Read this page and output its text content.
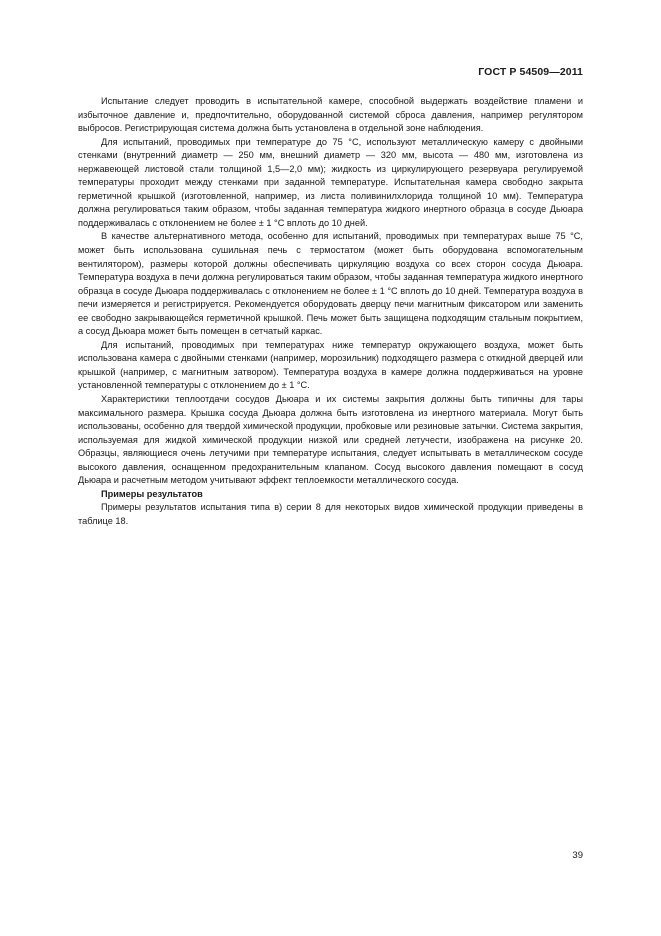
ГОСТ Р 54509—2011

Испытание следует проводить в испытательной камере, способной выдержать воздействие пламени и избыточное давление и, предпочтительно, оборудованной системой сброса давления, например регулятором выбросов. Регистрирующая система должна быть установлена в отдельной зоне наблюдения.

Для испытаний, проводимых при температуре до 75 °С, используют металлическую камеру с двойными стенками (внутренний диаметр — 250 мм, внешний диаметр — 320 мм, высота — 480 мм, изготовлена из нержавеющей листовой стали толщиной 1,5—2,0 мм); жидкость из циркулирующего резервуара регулируемой температуры проходит между стенками при заданной температуре. Испытательная камера свободно закрыта герметичной крышкой (изготовленной, например, из листа поливинилхлорида толщиной 10 мм). Температура должна регулироваться таким образом, чтобы заданная температура жидкого инертного образца в сосуде Дьюара поддерживалась с отклонением не более ± 1 °С вплоть до 10 дней.

В качестве альтернативного метода, особенно для испытаний, проводимых при температурах выше 75 °С, может быть использована сушильная печь с термостатом (может быть оборудована вспомогательным вентилятором), размеры которой должны обеспечивать циркуляцию воздуха со всех сторон сосуда Дьюара. Температура воздуха в печи должна регулироваться таким образом, чтобы заданная температура жидкого инертного образца в сосуде Дьюара поддерживалась с отклонением не более ± 1 °С вплоть до 10 дней. Температура воздуха в печи измеряется и регистрируется. Рекомендуется оборудовать дверцу печи магнитным фиксатором или заменить ее свободно закрывающейся герметичной крышкой. Печь может быть защищена подходящим стальным покрытием, а сосуд Дьюара может быть помещен в сетчатый каркас.

Для испытаний, проводимых при температурах ниже температур окружающего воздуха, может быть использована камера с двойными стенками (например, морозильник) подходящего размера с откидной дверцей или крышкой (например, с магнитным затвором). Температура воздуха в камере должна поддерживаться на уровне установленной температуры с отклонением до ± 1 °С.

Характеристики теплоотдачи сосудов Дьюара и их системы закрытия должны быть типичны для тары максимального размера. Крышка сосуда Дьюара должна быть изготовлена из инертного материала. Могут быть использованы, особенно для твердой химической продукции, пробковые или резиновые затычки. Система закрытия, используемая для жидкой химической продукции низкой или средней летучести, изображена на рисунке 20. Образцы, являющиеся очень летучими при температуре испытания, следует испытывать в металлическом сосуде высокого давления, оснащенном предохранительным клапаном. Сосуд высокого давления помещают в сосуд Дьюара и расчетным методом учитывают эффект теплоемкости металлического сосуда.

Примеры результатов

Примеры результатов испытания типа в) серии 8 для некоторых видов химической продукции приведены в таблице 18.

39
